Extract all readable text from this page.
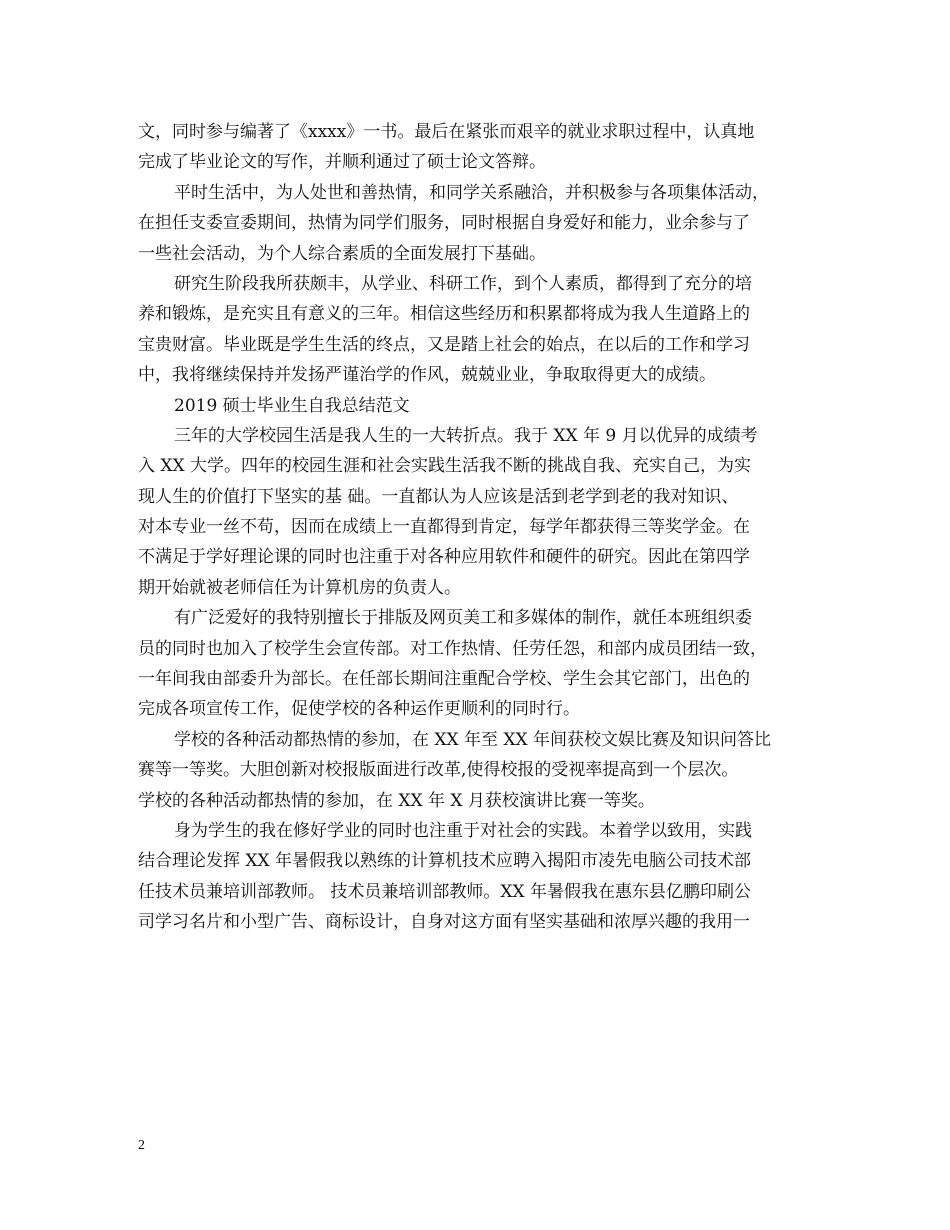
文，同时参与编著了《xxxx》一书。最后在紧张而艰辛的就业求职过程中，认真地
完成了毕业论文的写作，并顺利通过了硕士论文答辩。
平时生活中，为人处世和善热情，和同学关系融洽，并积极参与各项集体活动，
在担任支委宣委期间，热情为同学们服务，同时根据自身爱好和能力，业余参与了
一些社会活动，为个人综合素质的全面发展打下基础。
研究生阶段我所获颇丰，从学业、科研工作，到个人素质，都得到了充分的培
养和锻炼，是充实且有意义的三年。相信这些经历和积累都将成为我人生道路上的
宝贵财富。毕业既是学生生活的终点，又是踏上社会的始点，在以后的工作和学习
中，我将继续保持并发扬严谨治学的作风，兢兢业业，争取取得更大的成绩。
2019 硕士毕业生自我总结范文
三年的大学校园生活是我人生的一大转折点。我于 XX 年 9 月以优异的成绩考
入 XX 大学。四年的校园生涯和社会实践生活我不断的挑战自我、充实自己，为实
现人生的价值打下坚实的基 础。一直都认为人应该是活到老学到老的我对知识、
对本专业一丝不苟，因而在成绩上一直都得到肯定，每学年都获得三等奖学金。在
不满足于学好理论课的同时也注重于对各种应用软件和硬件的研究。因此在第四学
期开始就被老师信任为计算机房的负责人。
有广泛爱好的我特别擅长于排版及网页美工和多媒体的制作，就任本班组织委
员的同时也加入了校学生会宣传部。对工作热情、任劳任怨，和部内成员团结一致，
一年间我由部委升为部长。在任部长期间注重配合学校、学生会其它部门，出色的
完成各项宣传工作，促使学校的各种运作更顺利的同时行。
学校的各种活动都热情的参加，在 XX 年至 XX 年间获校文娱比赛及知识问答比
赛等一等奖。大胆创新对校报版面进行改革,使得校报的受视率提高到一个层次。
学校的各种活动都热情的参加，在 XX 年 X 月获校演讲比赛一等奖。
身为学生的我在修好学业的同时也注重于对社会的实践。本着学以致用，实践
结合理论发挥 XX 年暑假我以熟练的计算机技术应聘入揭阳市凌先电脑公司技术部
任技术员兼培训部教师。 技术员兼培训部教师。XX 年暑假我在惠东县亿鹏印刷公
司学习名片和小型广告、商标设计，自身对这方面有坚实基础和浓厚兴趣的我用一
2
